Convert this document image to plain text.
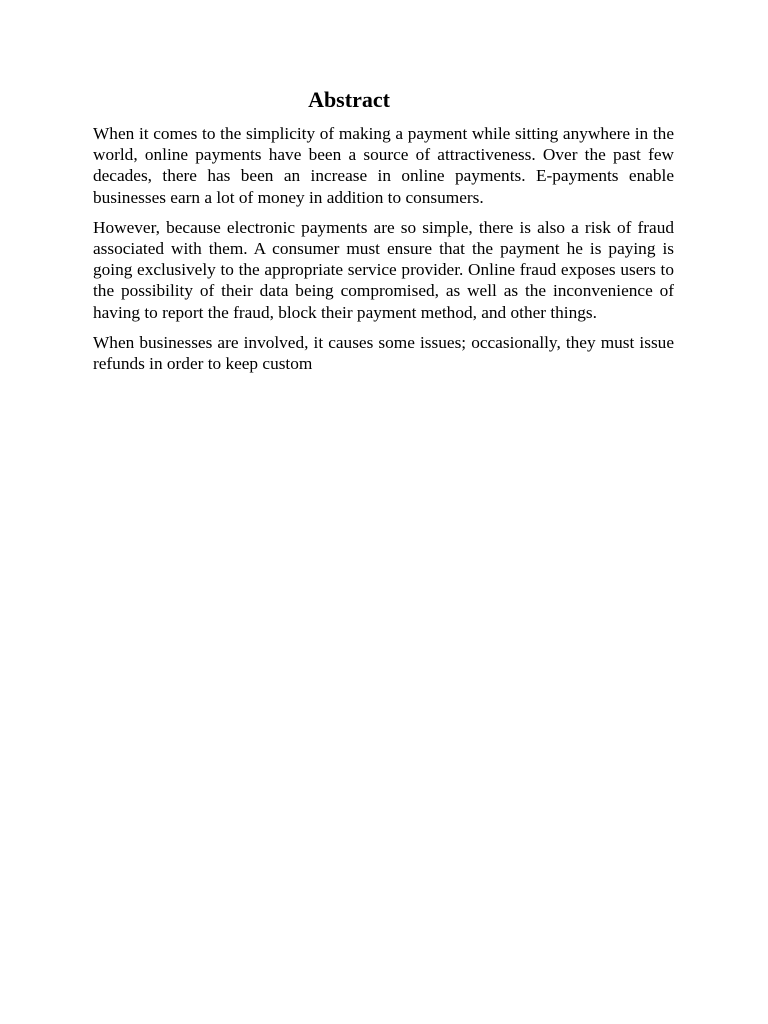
Abstract

When it comes to the simplicity of making a payment while sitting anywhere in the world, online payments have been a source of attractiveness. Over the past few decades, there has been an increase in online payments. E-payments enable businesses earn a lot of money in addition to consumers.

However, because electronic payments are so simple, there is also a risk of fraud associated with them. A consumer must ensure that the payment he is paying is going exclusively to the appropriate service provider. Online fraud exposes users to the possibility of their data being compromised, as well as the inconvenience of having to report the fraud, block their payment method, and other things.

When businesses are involved, it causes some issues; occasionally, they must issue refunds in order to keep custom
